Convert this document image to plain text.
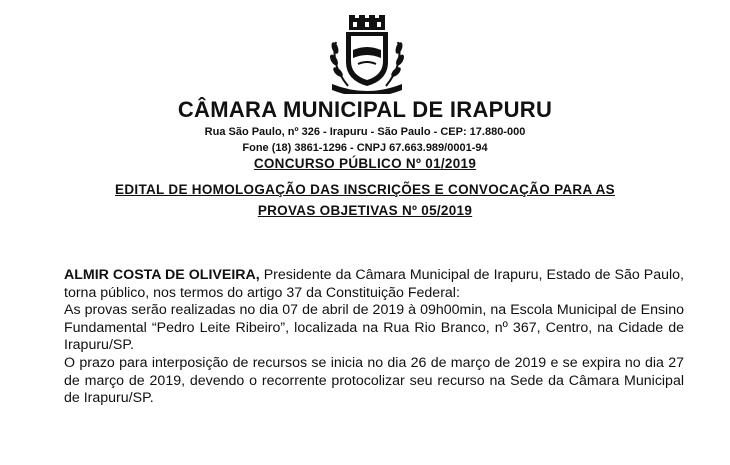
CÂMARA MUNICIPAL DE IRAPURU
Rua São Paulo, nº 326 - Irapuru - São Paulo - CEP: 17.880-000
Fone (18) 3861-1296 - CNPJ 67.663.989/0001-94
CONCURSO PÚBLICO Nº 01/2019
EDITAL DE HOMOLOGAÇÃO DAS INSCRIÇÕES E CONVOCAÇÃO PARA AS
PROVAS OBJETIVAS Nº 05/2019

ALMIR COSTA DE OLIVEIRA, Presidente da Câmara Municipal de Irapuru, Estado de São Paulo, torna público, nos termos do artigo 37 da Constituição Federal:

As provas serão realizadas no dia 07 de abril de 2019 à 09h00min, na Escola Municipal de Ensino Fundamental “Pedro Leite Ribeiro”, localizada na Rua Rio Branco, nº 367, Centro, na Cidade de Irapuru/SP.

O prazo para interposição de recursos se inicia no dia 26 de março de 2019 e se expira no dia 27 de março de 2019, devendo o recorrente protocolizar seu recurso na Sede da Câmara Municipal de Irapuru/SP.
